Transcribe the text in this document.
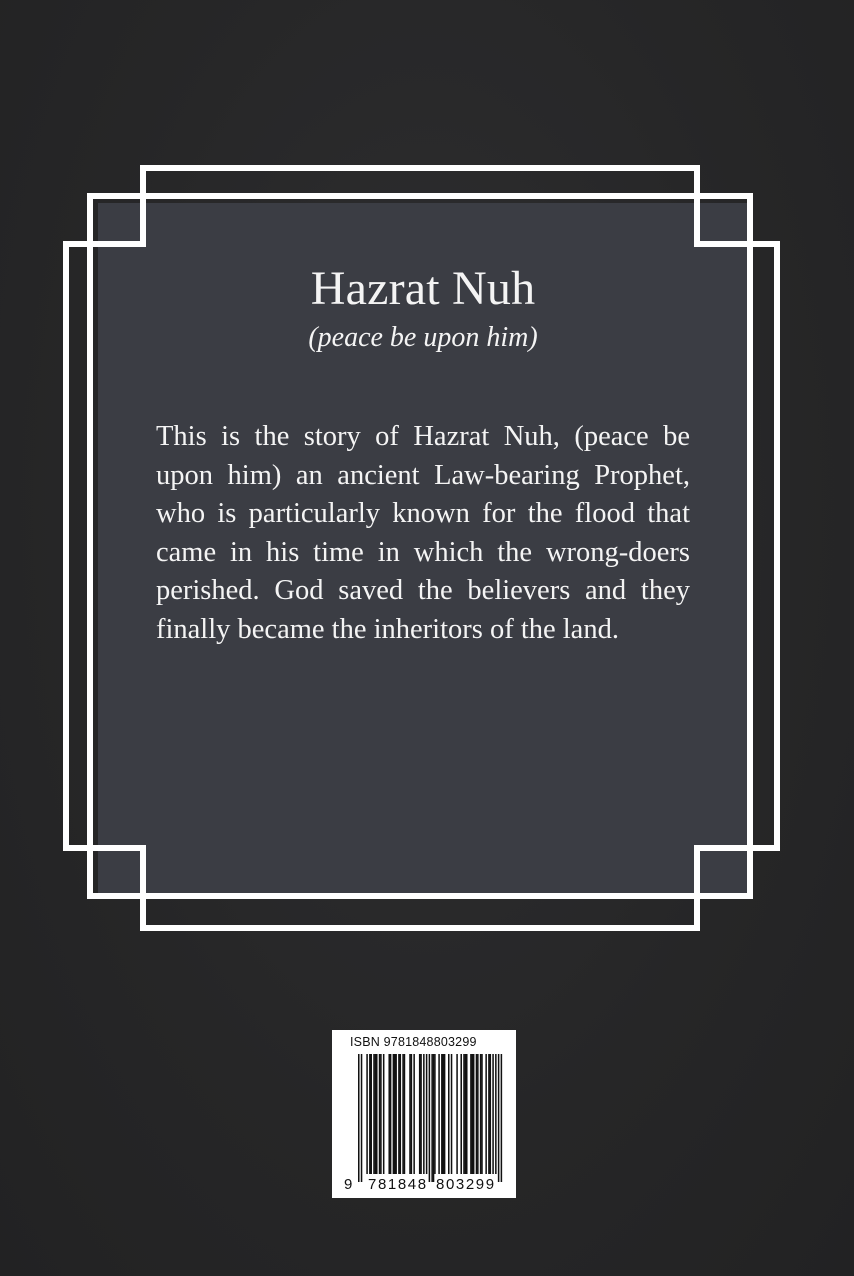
Hazrat Nuh

(peace be upon him)

This is the story of Hazrat Nuh, (peace be upon him) an ancient Law-bearing Prophet, who is particularly known for the flood that came in his time in which the wrong-doers perished. God saved the believers and they finally became the inheritors of the land.

ISBN 9781848803299
9 781848 803299
